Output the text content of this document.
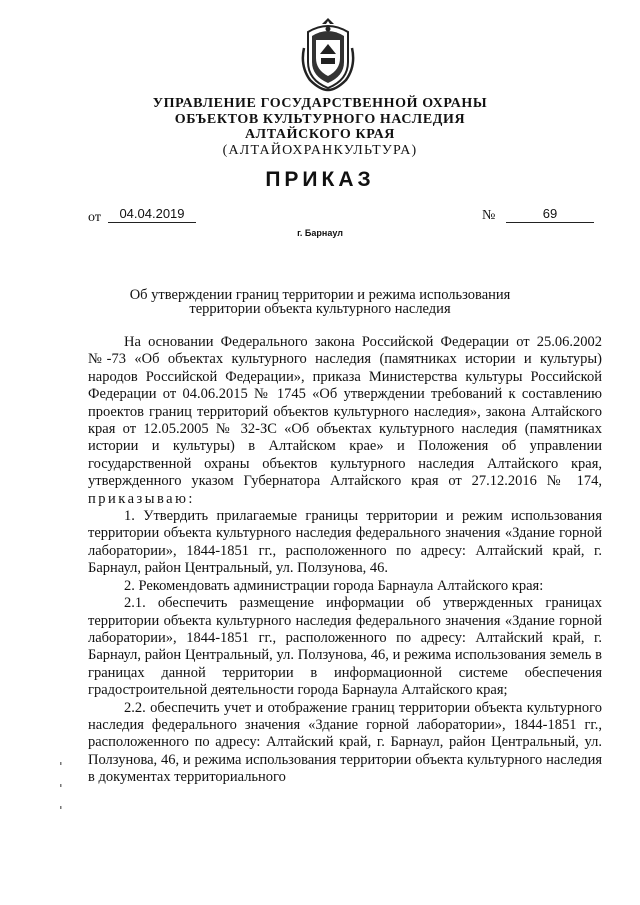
УПРАВЛЕНИЕ ГОСУДАРСТВЕННОЙ ОХРАНЫ
ОБЪЕКТОВ КУЛЬТУРНОГО НАСЛЕДИЯ
АЛТАЙСКОГО КРАЯ
(АЛТАЙОХРАНКУЛЬТУРА)
ПРИКАЗ
от	04.04.2019	№	69
г. Барнаул
Об утверждении границ территории и режима использования
территории объекта культурного наследия

На основании Федерального закона Российской Федерации от 25.06.2002 №-73 «Об объектах культурного наследия (памятниках истории и культуры) народов Российской Федерации», приказа Министерства культуры Российской Федерации от 04.06.2015 № 1745 «Об утверждении требований к составлению проектов границ территорий объектов культурного наследия», закона Алтайского края от 12.05.2005 № 32-ЗС «Об объектах культурного наследия (памятниках истории и культуры) в Алтайском крае» и Положения об управлении государственной охраны объектов культурного наследия Алтайского края, утвержденного указом Губернатора Алтайского края от 27.12.2016 № 174, приказываю:

1. Утвердить прилагаемые границы территории и режим использования территории объекта культурного наследия федерального значения «Здание горной лаборатории», 1844-1851 гг., расположенного по адресу: Алтайский край, г. Барнаул, район Центральный, ул. Ползунова, 46.

2. Рекомендовать администрации города Барнаула Алтайского края:

2.1. обеспечить размещение информации об утвержденных границах территории объекта культурного наследия федерального значения «Здание горной лаборатории», 1844-1851 гг., расположенного по адресу: Алтайский край, г. Барнаул, район Центральный, ул. Ползунова, 46, и режима использования земель в границах данной территории в информационной системе обеспечения градостроительной деятельности города Барнаула Алтайского края;

2.2. обеспечить учет и отображение границ территории объекта культурного наследия федерального значения «Здание горной лаборатории», 1844-1851 гг., расположенного по адресу: Алтайский край, г. Барнаул, район Центральный, ул. Ползунова, 46, и режима использования территории объекта культурного наследия в документах территориального
